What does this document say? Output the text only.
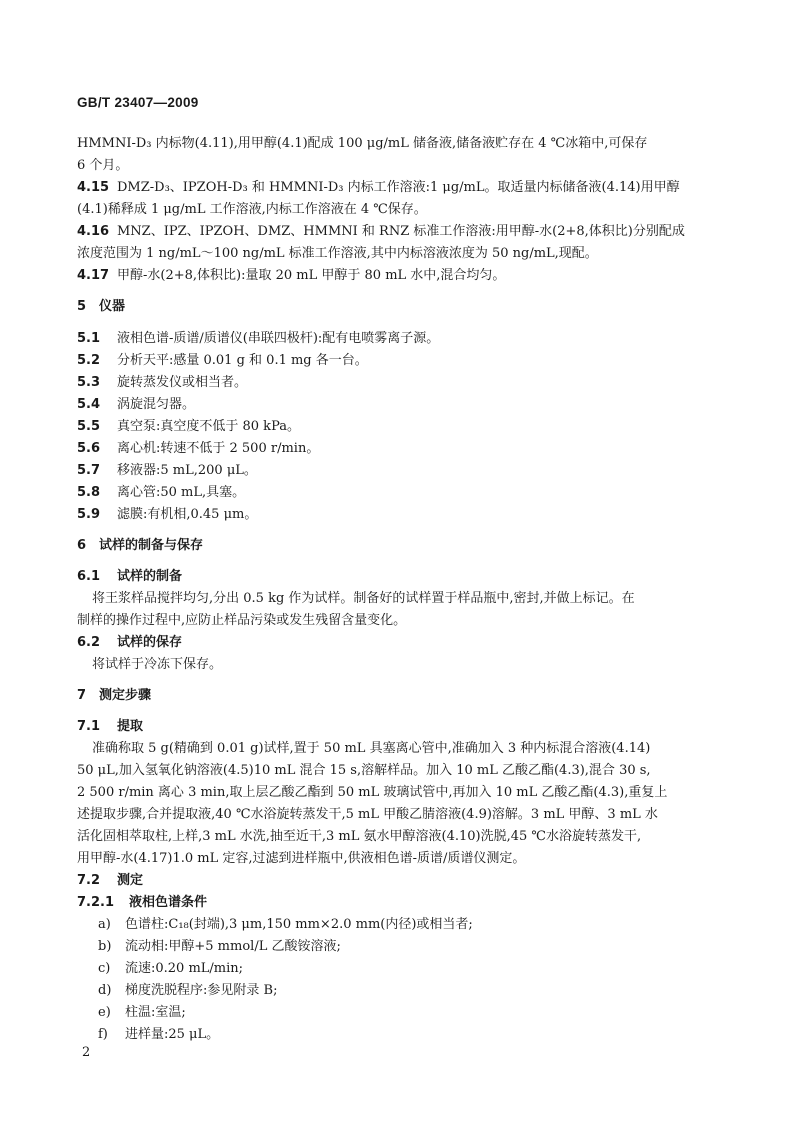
GB/T 23407—2009
HMMNI-D₃ 内标物(4.11),用甲醇(4.1)配成 100 μg/mL 储备液,储备液贮存在 4 ℃冰箱中,可保存
6 个月。
4.15 DMZ-D₃、IPZOH-D₃ 和 HMMNI-D₃ 内标工作溶液:1 μg/mL。取适量内标储备液(4.14)用甲醇
(4.1)稀释成 1 μg/mL 工作溶液,内标工作溶液在 4 ℃保存。
4.16 MNZ、IPZ、IPZOH、DMZ、HMMNI 和 RNZ 标准工作溶液:用甲醇-水(2+8,体积比)分别配成
浓度范围为 1 ng/mL～100 ng/mL 标准工作溶液,其中内标溶液浓度为 50 ng/mL,现配。
4.17 甲醇-水(2+8,体积比):量取 20 mL 甲醇于 80 mL 水中,混合均匀。
5 仪器
5.1 液相色谱-质谱/质谱仪(串联四极杆):配有电喷雾离子源。
5.2 分析天平:感量 0.01 g 和 0.1 mg 各一台。
5.3 旋转蒸发仪或相当者。
5.4 涡旋混匀器。
5.5 真空泵:真空度不低于 80 kPa。
5.6 离心机:转速不低于 2 500 r/min。
5.7 移液器:5 mL,200 μL。
5.8 离心管:50 mL,具塞。
5.9 滤膜:有机相,0.45 μm。
6 试样的制备与保存
6.1 试样的制备
将王浆样品搅拌均匀,分出 0.5 kg 作为试样。制备好的试样置于样品瓶中,密封,并做上标记。在
制样的操作过程中,应防止样品污染或发生残留含量变化。
6.2 试样的保存
将试样于冷冻下保存。
7 测定步骤
7.1 提取
准确称取 5 g(精确到 0.01 g)试样,置于 50 mL 具塞离心管中,准确加入 3 种内标混合溶液(4.14)
50 μL,加入氢氧化钠溶液(4.5)10 mL 混合 15 s,溶解样品。加入 10 mL 乙酸乙酯(4.3),混合 30 s,
2 500 r/min 离心 3 min,取上层乙酸乙酯到 50 mL 玻璃试管中,再加入 10 mL 乙酸乙酯(4.3),重复上
述提取步骤,合并提取液,40 ℃水浴旋转蒸发干,5 mL 甲酸乙腈溶液(4.9)溶解。3 mL 甲醇、3 mL 水
活化固相萃取柱,上样,3 mL 水洗,抽至近干,3 mL 氨水甲醇溶液(4.10)洗脱,45 ℃水浴旋转蒸发干,
用甲醇-水(4.17)1.0 mL 定容,过滤到进样瓶中,供液相色谱-质谱/质谱仪测定。
7.2 测定
7.2.1 液相色谱条件
a) 色谱柱:C₁₈(封端),3 μm,150 mm×2.0 mm(内径)或相当者;
b) 流动相:甲醇+5 mmol/L 乙酸铵溶液;
c) 流速:0.20 mL/min;
d) 梯度洗脱程序:参见附录 B;
e) 柱温:室温;
f) 进样量:25 μL。
2
